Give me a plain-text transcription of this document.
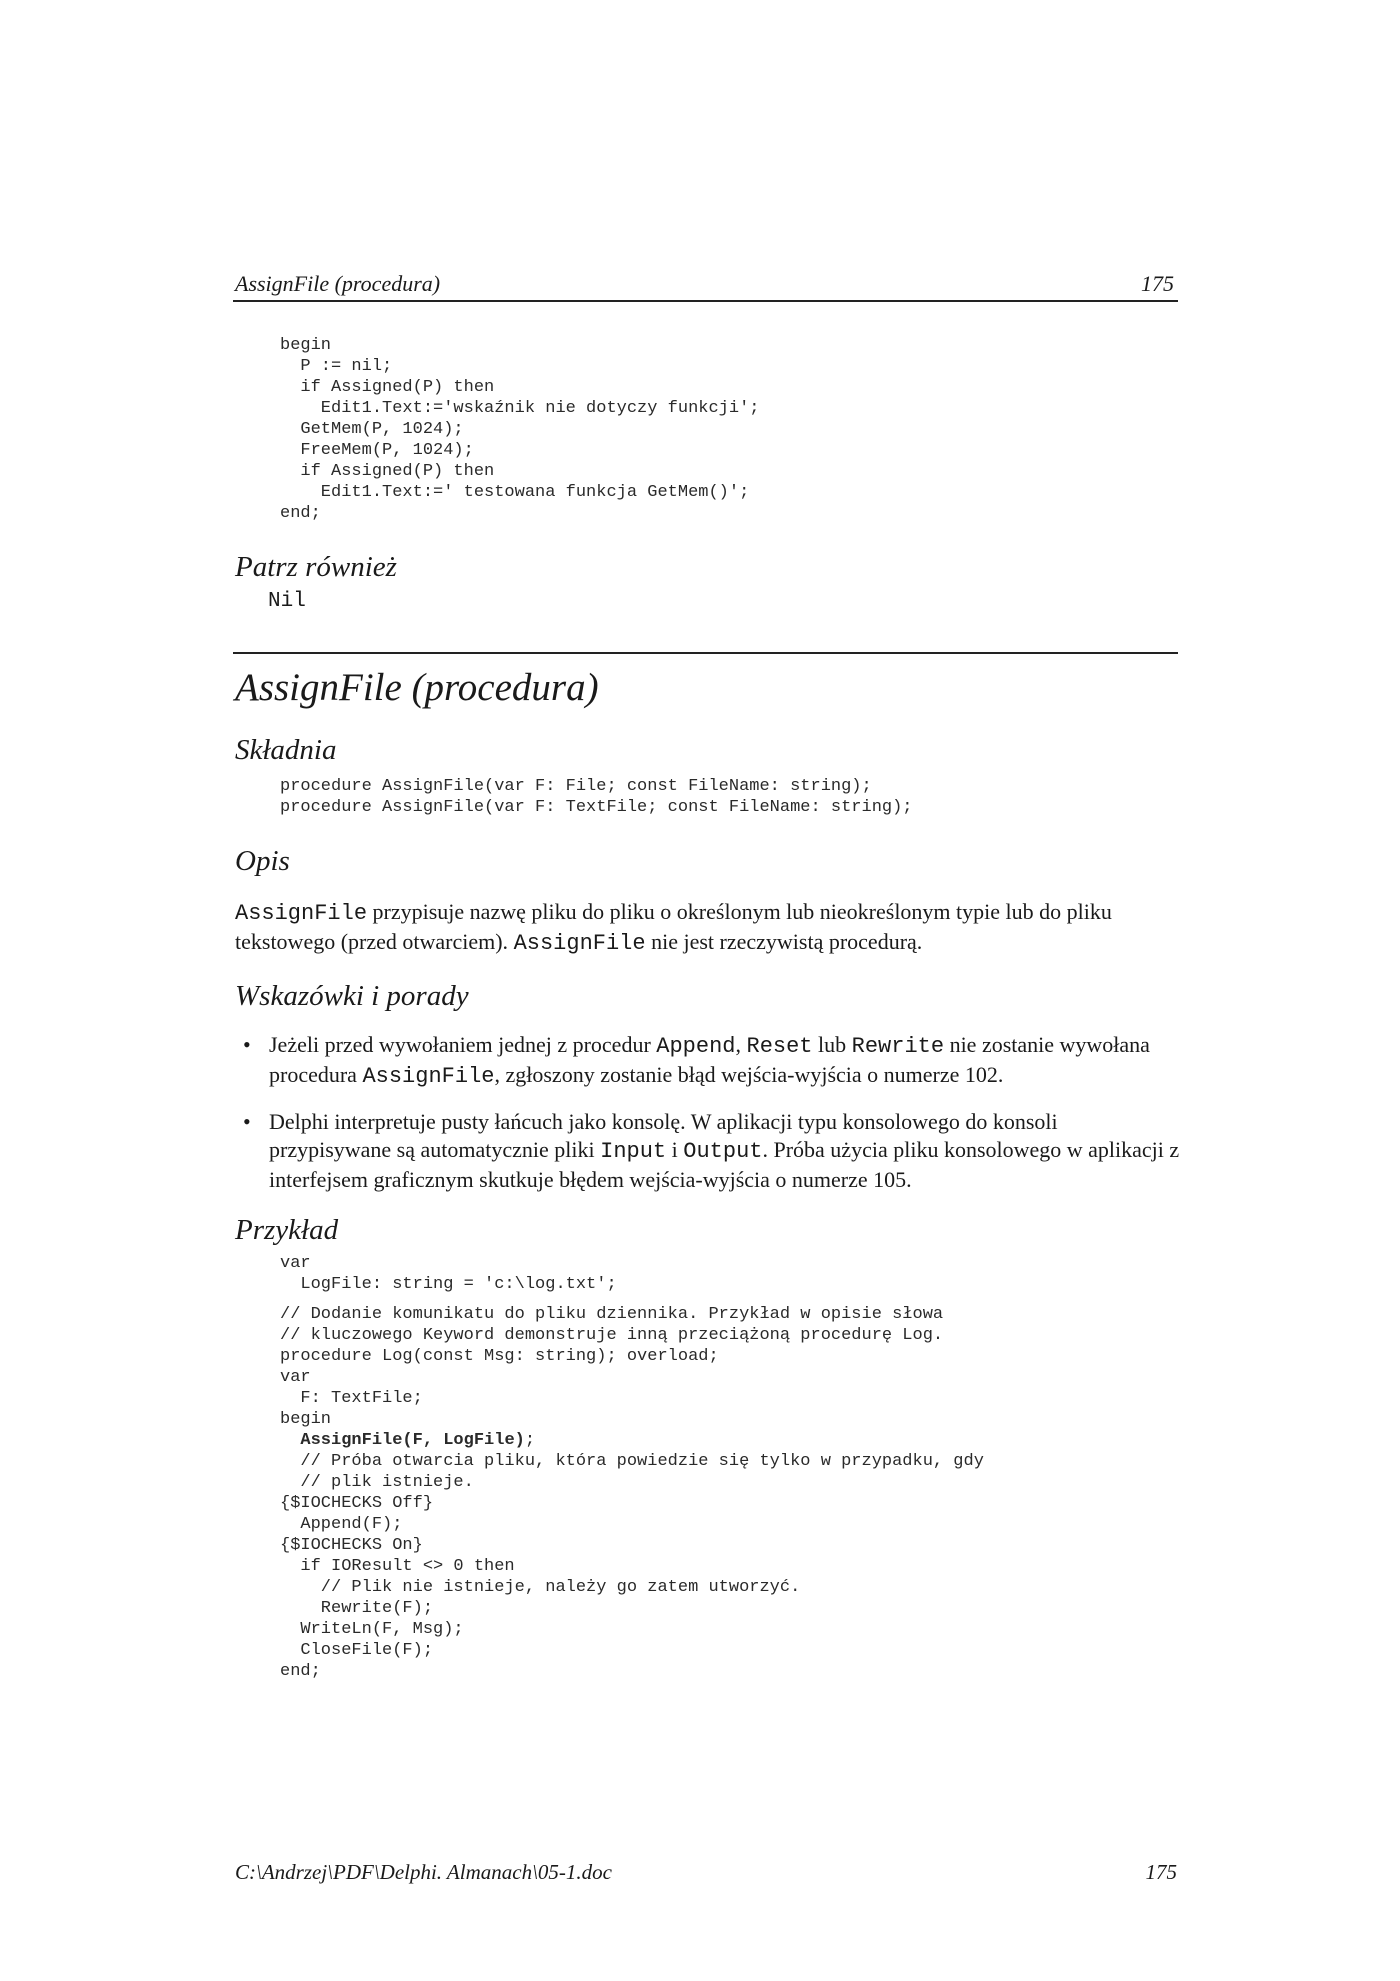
AssignFile (procedura)	175
begin
P := nil;
if Assigned(P) then
Edit1.Text:='wskaźnik nie dotyczy funkcji';
GetMem(P, 1024);
FreeMem(P, 1024);
if Assigned(P) then
Edit1.Text:=' testowana funkcja GetMem()';
end;
Patrz również
Nil
AssignFile (procedura)
Składnia
procedure AssignFile(var F: File; const FileName: string);
procedure AssignFile(var F: TextFile; const FileName: string);
Opis

AssignFile przypisuje nazwę pliku do pliku o określonym lub nieokreślonym typie lub do pliku tekstowego (przed otwarciem). AssignFile nie jest rzeczywistą procedurą.

Wskazówki i porady
• Jeżeli przed wywołaniem jednej z procedur Append, Reset lub Rewrite nie zostanie wywołana procedura AssignFile, zgłoszony zostanie błąd wejścia-wyjścia o numerze 102.
• Delphi interpretuje pusty łańcuch jako konsolę. W aplikacji typu konsolowego do konsoli przypisywane są automatycznie pliki Input i Output. Próba użycia pliku konsolowego w aplikacji z interfejsem graficznym skutkuje błędem wejścia-wyjścia o numerze 105.
Przykład
var
LogFile: string = 'c:\log.txt';

// Dodanie komunikatu do pliku dziennika. Przykład w opisie słowa
// kluczowego Keyword demonstruje inną przeciążoną procedurę Log.
procedure Log(const Msg: string); overload;
var
F: TextFile;
begin
AssignFile(F, LogFile);
// Próba otwarcia pliku, która powiedzie się tylko w przypadku, gdy
// plik istnieje.
{$IOCHECKS Off}
Append(F);
{$IOCHECKS On}
if IOResult <> 0 then
// Plik nie istnieje, należy go zatem utworzyć.
Rewrite(F);
WriteLn(F, Msg);
CloseFile(F);
end;
C:\Andrzej\PDF\Delphi. Almanach\05-1.doc	175
